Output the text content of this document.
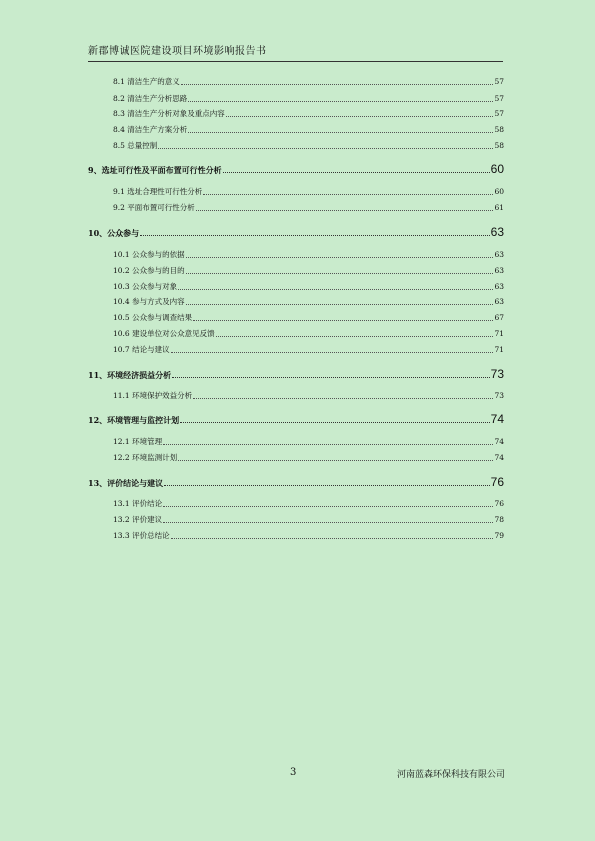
新郡博诚医院建设项目环境影响报告书
8.1 清洁生产的意义	57
8.2 清洁生产分析思路	57
8.3 清洁生产分析对象及重点内容	57
8.4 清洁生产方案分析	58
8.5 总量控制	58
9、选址可行性及平面布置可行性分析	60
9.1 选址合理性可行性分析	60
9.2 平面布置可行性分析	61
10、公众参与	63
10.1 公众参与的依据	63
10.2 公众参与的目的	63
10.3 公众参与对象	63
10.4 参与方式及内容	63
10.5 公众参与调查结果	67
10.6 建设单位对公众意见反馈	71
10.7 结论与建议	71
11、环境经济损益分析	73
11.1 环境保护效益分析	73
12、环境管理与监控计划	74
12.1 环境管理	74
12.2 环境监测计划	74
13、评价结论与建议	76
13.1 评价结论	76
13.2 评价建议	78
13.3 评价总结论	79
3	河南蓝森环保科技有限公司
